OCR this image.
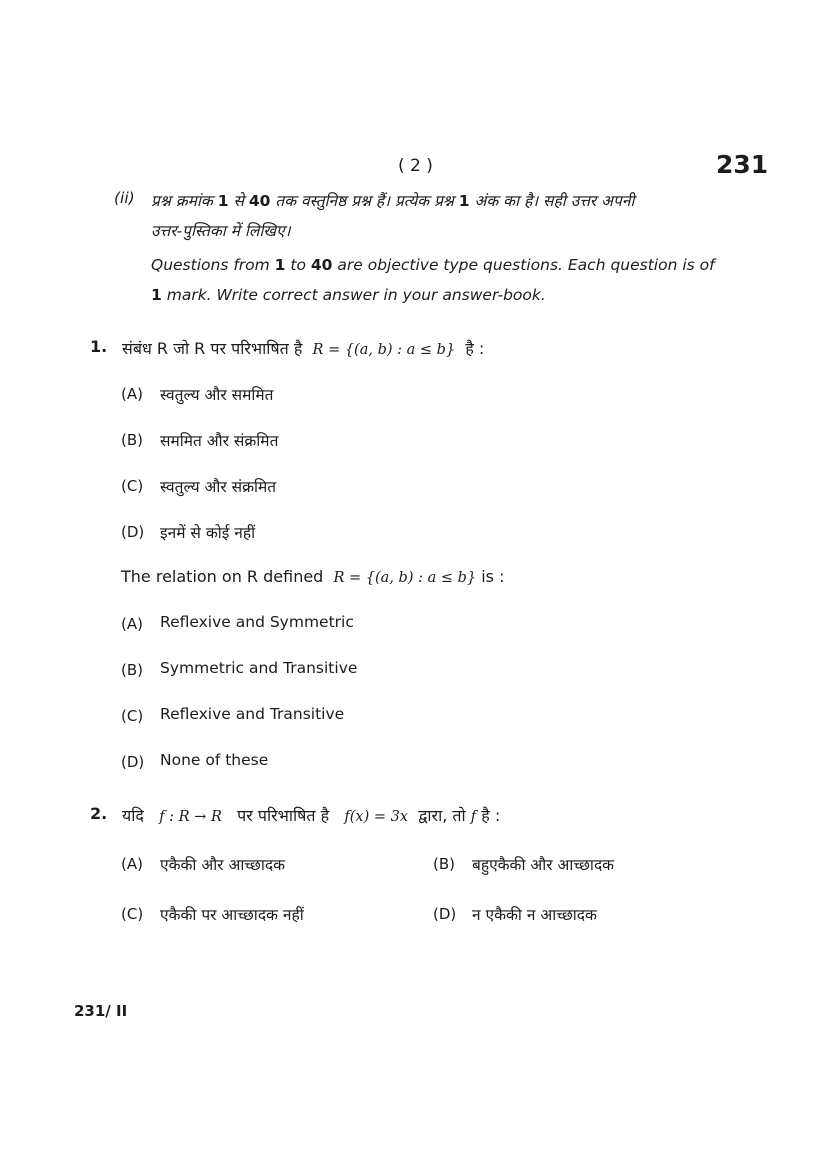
( 2 )	231
(ii) प्रश्न क्रमांक 1 से 40 तक वस्तुनिष्ठ प्रश्न हैं। प्रत्येक प्रश्न 1 अंक का है। सही उत्तर अपनी
उत्तर-पुस्तिका में लिखिए।
Questions from 1 to 40 are objective type questions. Each question is of
1 mark. Write correct answer in your answer-book.
1. संबंध R जो R पर परिभाषित है R = {(a, b) : a ≤ b} है :
(A) स्वतुल्य और सममित
(B) सममित और संक्रमित
(C) स्वतुल्य और संक्रमित
(D) इनमें से कोई नहीं
The relation on R defined R = {(a, b) : a ≤ b} is :
(A) Reflexive and Symmetric
(B) Symmetric and Transitive
(C) Reflexive and Transitive
(D) None of these
2. यदि f : R → R पर परिभाषित है f(x) = 3x द्वारा, तो f है :
(A) एकैकी और आच्छादक	(B) बहुएकैकी और आच्छादक
(C) एकैकी पर आच्छादक नहीं	(D) न एकैकी न आच्छादक
231/ II
